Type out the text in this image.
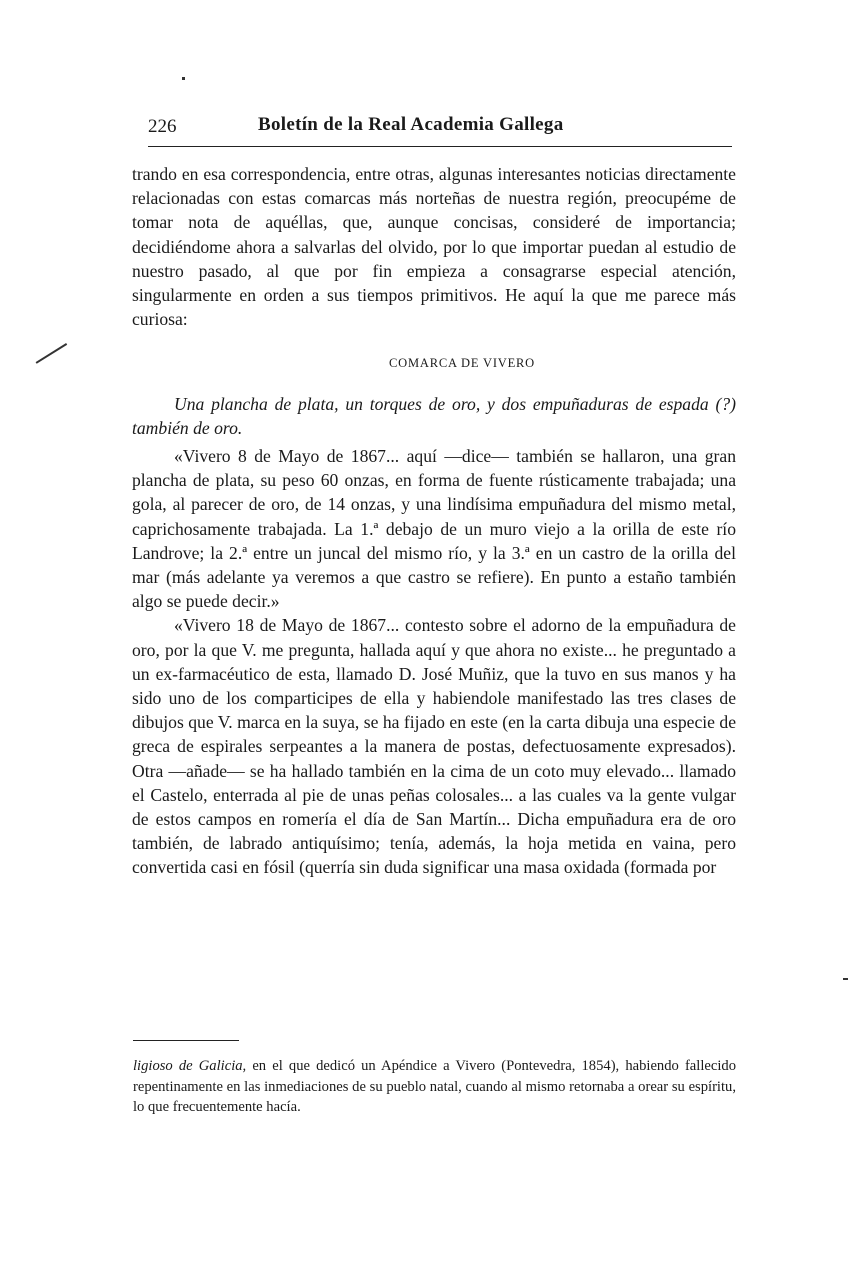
226	Boletín de la Real Academia Gallega

trando en esa correspondencia, entre otras, algunas interesantes noticias directamente relacionadas con estas comarcas más norteñas de nuestra región, preocupéme de tomar nota de aquéllas, que, aunque concisas, consideré de importancia; decidiéndome ahora a salvarlas del olvido, por lo que importar puedan al estudio de nuestro pasado, al que por fin empieza a consagrarse especial atención, singularmente en orden a sus tiempos primitivos. He aquí la que me parece más curiosa:

COMARCA DE VIVERO

Una plancha de plata, un torques de oro, y dos empuñaduras de espada (?) también de oro.

«Vivero 8 de Mayo de 1867... aquí —dice— también se hallaron, una gran plancha de plata, su peso 60 onzas, en forma de fuente rústicamente trabajada; una gola, al parecer de oro, de 14 onzas, y una lindísima empuñadura del mismo metal, caprichosamente trabajada. La 1.ª debajo de un muro viejo a la orilla de este río Landrove; la 2.ª entre un juncal del mismo río, y la 3.ª en un castro de la orilla del mar (más adelante ya veremos a que castro se refiere). En punto a estaño también algo se puede decir.»

«Vivero 18 de Mayo de 1867... contesto sobre el adorno de la empuñadura de oro, por la que V. me pregunta, hallada aquí y que ahora no existe... he preguntado a un ex-farmacéutico de esta, llamado D. José Muñiz, que la tuvo en sus manos y ha sido uno de los comparticipes de ella y habiendole manifestado las tres clases de dibujos que V. marca en la suya, se ha fijado en este (en la carta dibuja una especie de greca de espirales serpeantes a la manera de postas, defectuosamente expresados). Otra —añade— se ha hallado también en la cima de un coto muy elevado... llamado el Castelo, enterrada al pie de unas peñas colosales... a las cuales va la gente vulgar de estos campos en romería el día de San Martín... Dicha empuñadura era de oro también, de labrado antiquísimo; tenía, además, la hoja metida en vaina, pero convertida casi en fósil (querría sin duda significar una masa oxidada (formada por

ligioso de Galicia, en el que dedicó un Apéndice a Vivero (Pontevedra, 1854), habiendo fallecido repentinamente en las inmediaciones de su pueblo natal, cuando al mismo retornaba a orear su espíritu, lo que frecuentemente hacía.
